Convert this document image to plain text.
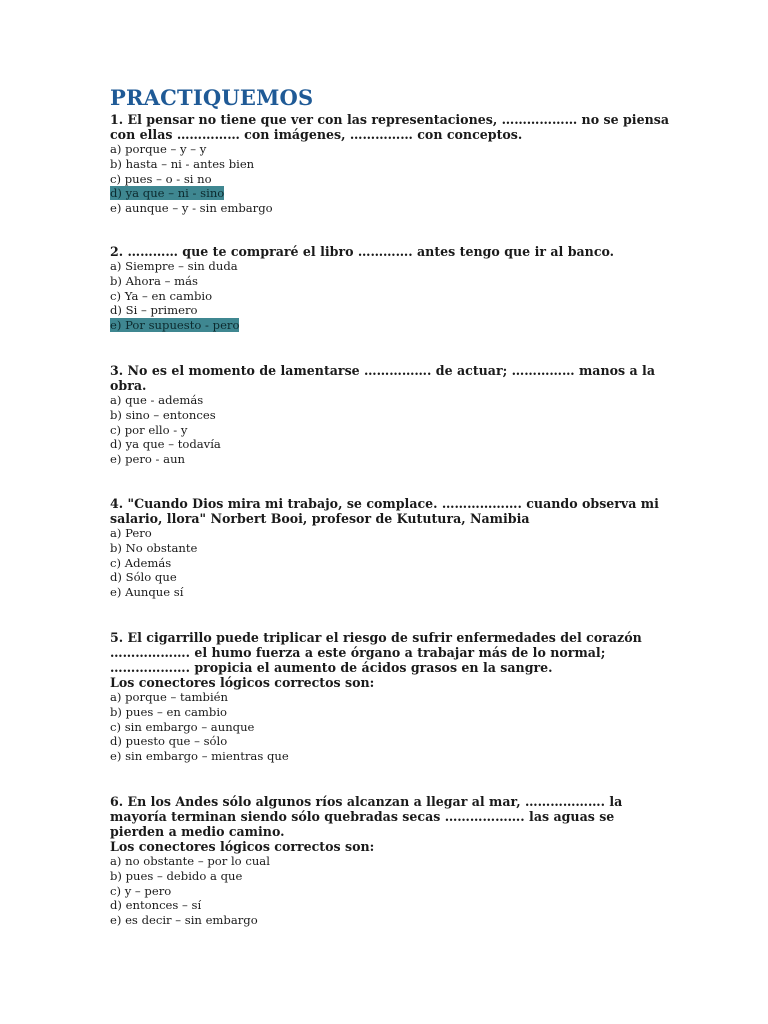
PRACTIQUEMOS

1. El pensar no tiene que ver con las representaciones, ……………… no se piensa con ellas …………… con imágenes, …………… con conceptos.

a) porque – y – y

b) hasta – ni - antes bien

c) pues – o - si no

d) ya que – ni - sino

e) aunque – y - sin embargo

2. ………… que te compraré el libro …………. antes tengo que ir al banco.

a) Siempre – sin duda

b) Ahora – más

c) Ya – en cambio

d) Si – primero

e) Por supuesto - pero

3. No es el momento de lamentarse ……………. de actuar; …………… manos a la obra.

a) que - además

b) sino – entonces

c) por ello - y

d) ya que – todavía

e) pero - aun

4. "Cuando Dios mira mi trabajo, se complace. ………………. cuando observa mi salario, llora" Norbert Booi, profesor de Kututura, Namibia

a) Pero

b) No obstante

c) Además

d) Sólo que

e) Aunque sí

5. El cigarrillo puede triplicar el riesgo de sufrir enfermedades del corazón ………………. el humo fuerza a este órgano a trabajar más de lo normal; ………………. propicia el aumento de ácidos grasos en la sangre.

Los conectores lógicos correctos son:

a) porque – también

b) pues – en cambio

c) sin embargo – aunque

d) puesto que – sólo

e) sin embargo – mientras que

6. En los Andes sólo algunos ríos alcanzan a llegar al mar, ………………. la mayoría terminan siendo sólo quebradas secas ………………. las aguas se pierden a medio camino.

Los conectores lógicos correctos son:

a) no obstante – por lo cual

b) pues – debido a que

c) y – pero

d) entonces – sí

e) es decir – sin embargo
